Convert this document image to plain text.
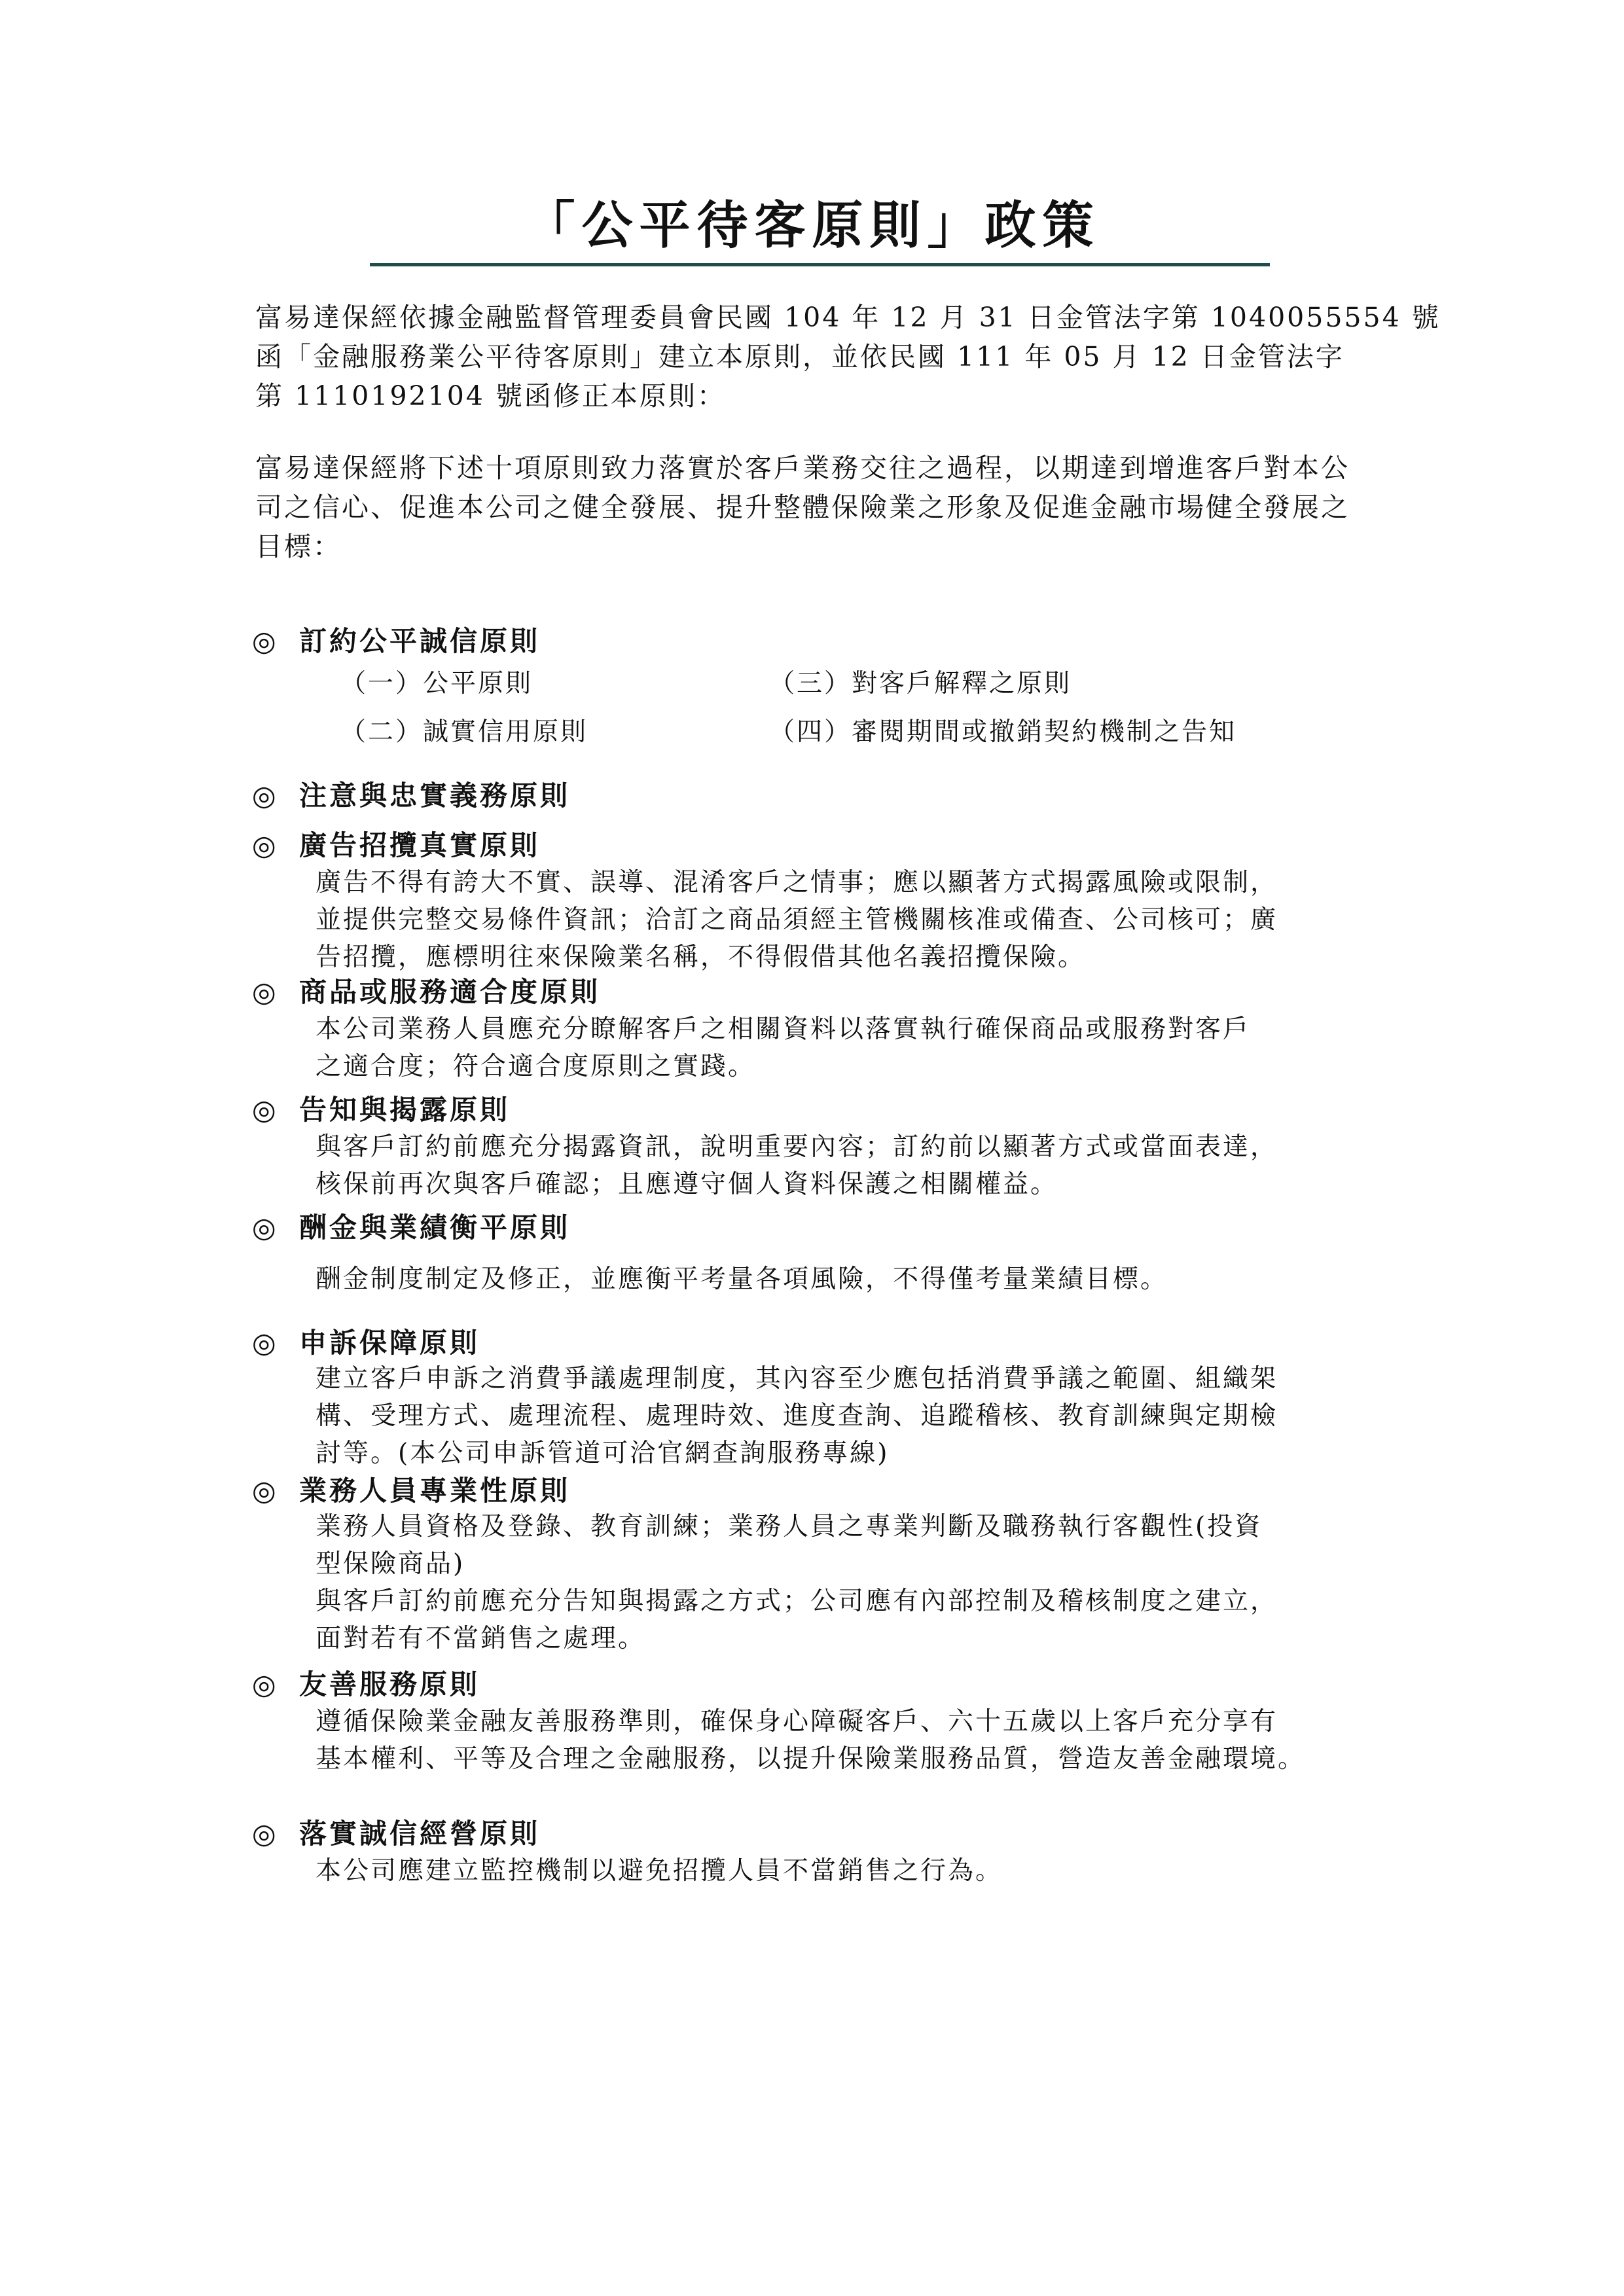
「公平待客原則」政策

富易達保經依據金融監督管理委員會民國 104 年 12 月 31 日金管法字第 1040055554 號
函「金融服務業公平待客原則」建立本原則，並依民國 111 年 05 月 12 日金管法字
第 1110192104 號函修正本原則：

富易達保經將下述十項原則致力落實於客戶業務交往之過程，以期達到增進客戶對本公
司之信心、促進本公司之健全發展、提升整體保險業之形象及促進金融市場健全發展之
目標：

◎ 訂約公平誠信原則
（一）公平原則	（三）對客戶解釋之原則
（二）誠實信用原則	（四）審閱期間或撤銷契約機制之告知
◎ 注意與忠實義務原則
◎ 廣告招攬真實原則

廣告不得有誇大不實、誤導、混淆客戶之情事；應以顯著方式揭露風險或限制，
並提供完整交易條件資訊；洽訂之商品須經主管機關核准或備查、公司核可；廣
告招攬，應標明往來保險業名稱，不得假借其他名義招攬保險。

◎ 商品或服務適合度原則

本公司業務人員應充分瞭解客戶之相關資料以落實執行確保商品或服務對客戶
之適合度；符合適合度原則之實踐。

◎ 告知與揭露原則

與客戶訂約前應充分揭露資訊，說明重要內容；訂約前以顯著方式或當面表達，
核保前再次與客戶確認；且應遵守個人資料保護之相關權益。

◎ 酬金與業績衡平原則

酬金制度制定及修正，並應衡平考量各項風險，不得僅考量業績目標。

◎ 申訴保障原則

建立客戶申訴之消費爭議處理制度，其內容至少應包括消費爭議之範圍、組織架
構、受理方式、處理流程、處理時效、進度查詢、追蹤稽核、教育訓練與定期檢
討等。(本公司申訴管道可洽官網查詢服務專線)

◎ 業務人員專業性原則

業務人員資格及登錄、教育訓練；業務人員之專業判斷及職務執行客觀性(投資
型保險商品)
與客戶訂約前應充分告知與揭露之方式；公司應有內部控制及稽核制度之建立，
面對若有不當銷售之處理。

◎ 友善服務原則

遵循保險業金融友善服務準則，確保身心障礙客戶、六十五歲以上客戶充分享有
基本權利、平等及合理之金融服務，以提升保險業服務品質，營造友善金融環境。

◎ 落實誠信經營原則

本公司應建立監控機制以避免招攬人員不當銷售之行為。
